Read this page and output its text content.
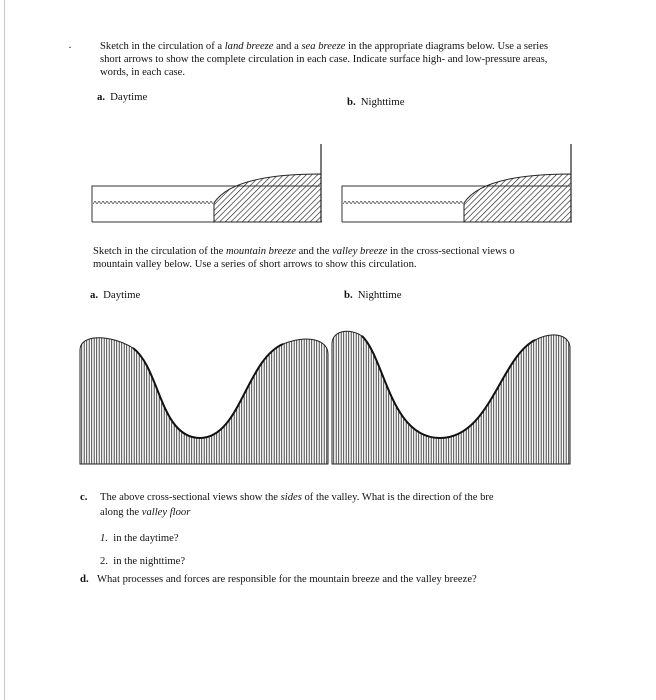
·	Sketch in the circulation of a land breeze and a sea breeze in the appropriate diagrams below. Use a series
short arrows to show the complete circulation in each case. Indicate surface high- and low-pressure areas,
words, in each case.
a. Daytime	b. Nighttime
Sketch in the circulation of the mountain breeze and the valley breeze in the cross-sectional views o
mountain valley below. Use a series of short arrows to show this circulation.
a. Daytime	b. Nighttime
c.	The above cross-sectional views show the sides of the valley. What is the direction of the bre
along the valley floor
1. in the daytime?
2. in the nighttime?
d. What processes and forces are responsible for the mountain breeze and the valley breeze?
